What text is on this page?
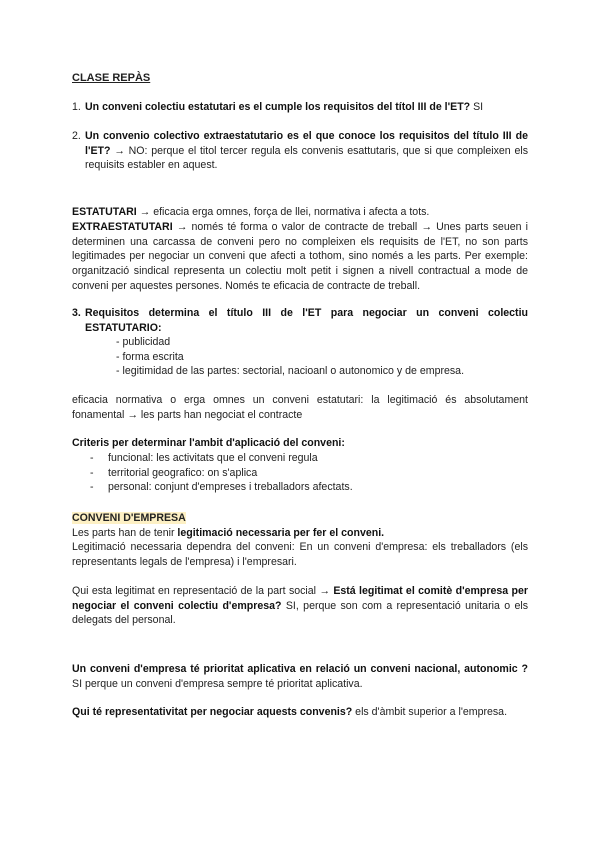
CLASE REPÀS
1. Un conveni colectiu estatutari es el cumple los requisitos del títol III de l'ET? SI
2. Un convenio colectivo extraestatutario es el que conoce los requisitos del título III de l'ET? → NO: perque el titol tercer regula els convenis esattutaris, que si que compleixen els requisits establer en aquest.
ESTATUTARI → eficacia erga omnes, força de llei, normativa i afecta a tots.
EXTRAESTATUTARI → només té forma o valor de contracte de treball → Unes parts seuen i determinen una carcassa de conveni pero no compleixen els requisits de l'ET, no son parts legitimades per negociar un conveni que afecti a tothom, sino només a les parts. Per exemple: organització sindical representa un colectiu molt petit i signen a nivell contractual a mode de conveni per aquestes persones. Només te eficacia de contracte de treball.
3. Requisitos determina el título III de l'ET para negociar un conveni colectiu ESTATUTARIO:
- publicidad
- forma escrita
- legitimidad de las partes: sectorial, nacioanl o autonomico y de empresa.
eficacia normativa o erga omnes un conveni estatutari: la legitimació és absolutament fonamental → les parts han negociat el contracte
Criteris per determinar l'ambit d'aplicació del conveni:
- funcional: les activitats que el conveni regula
- territorial geografico: on s'aplica
- personal: conjunt d'empreses i treballadors afectats.
CONVENI D'EMPRESA
Les parts han de tenir legitimació necessaria per fer el conveni.
Legitimació necessaria dependra del conveni: En un conveni d'empresa: els treballadors (els representants legals de l'empresa) i l'empresari.
Qui esta legitimat en representació de la part social → Está legitimat el comitè d'empresa per negociar el conveni colectiu d'empresa? SI, perque son com a representació unitaria o els delegats del personal.
Un conveni d'empresa té prioritat aplicativa en relació un conveni nacional, autonomic ? SI perque un conveni d'empresa sempre té prioritat aplicativa.
Qui té representativitat per negociar aquests convenis? els d'àmbit superior a l'empresa.
